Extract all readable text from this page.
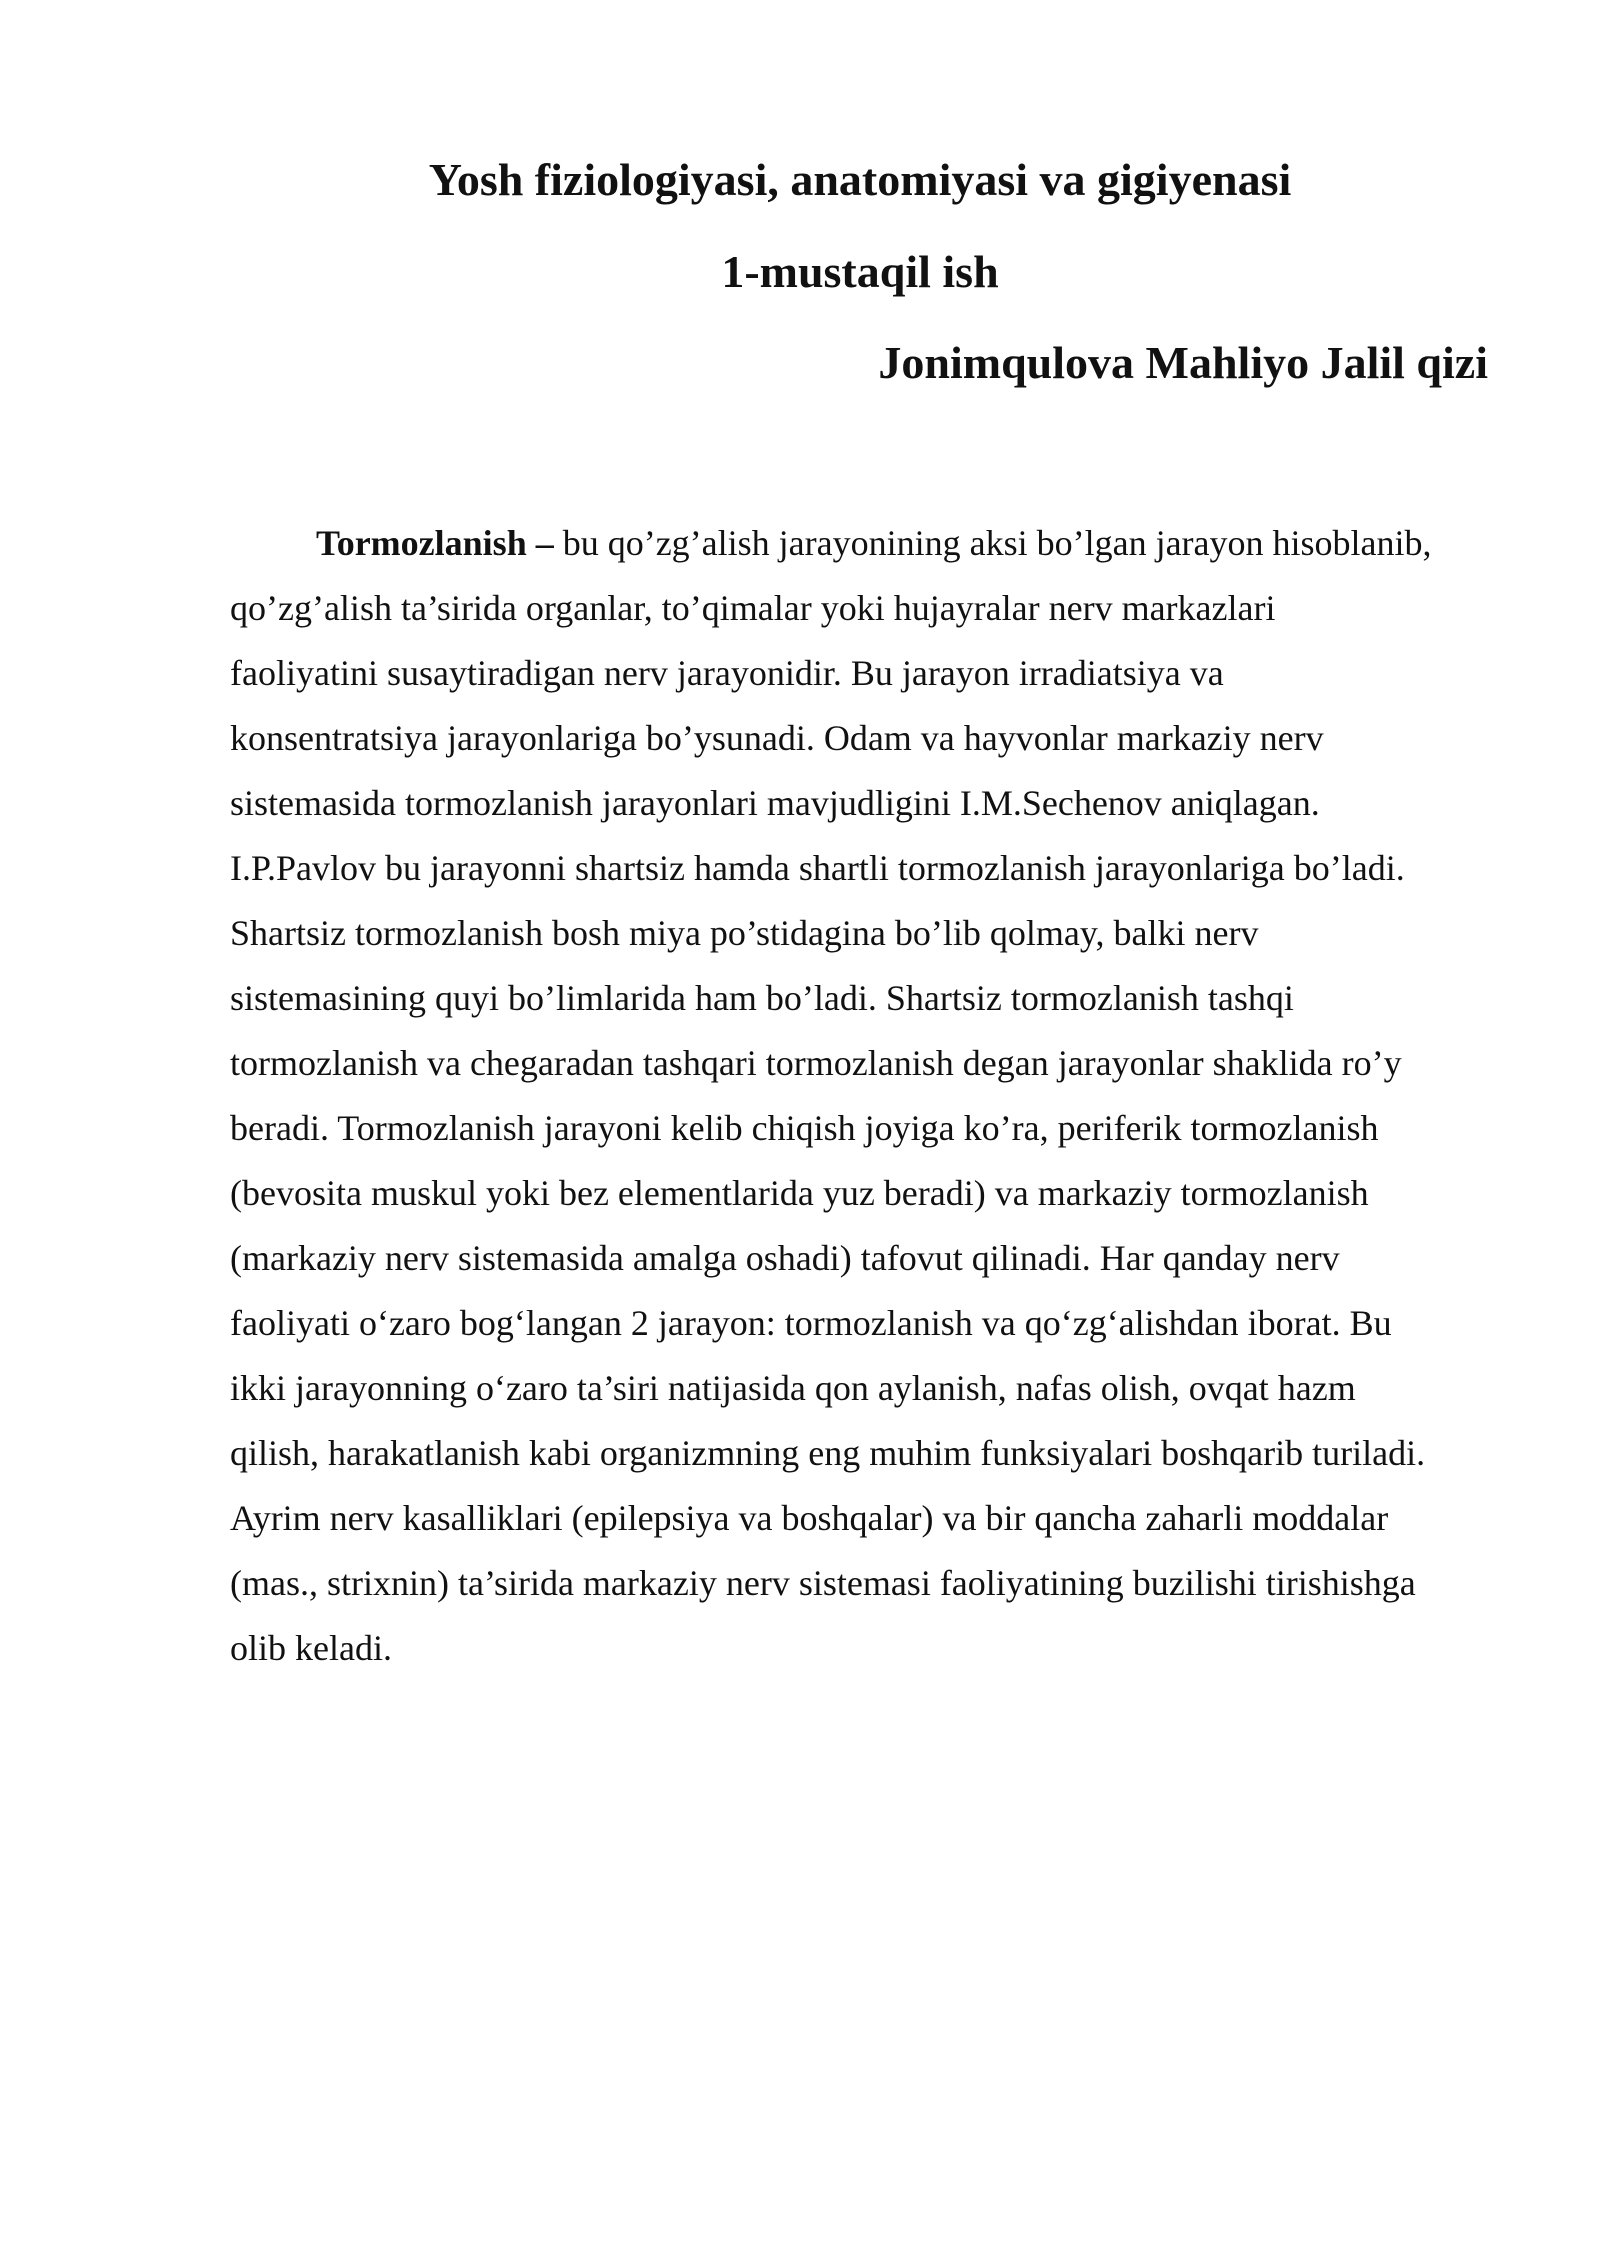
Yosh fiziologiyasi, anatomiyasi va gigiyenasi
1-mustaqil ish
Jonimqulova Mahliyo Jalil qizi

Tormozlanish – bu qo’zg’alish jarayonining aksi bo’lgan jarayon hisoblanib,
qo’zg’alish ta’sirida organlar, to’qimalar yoki hujayralar nerv markazlari
faoliyatini susaytiradigan nerv jarayonidir. Bu jarayon irradiatsiya va
konsentratsiya jarayonlariga bo’ysunadi. Odam va hayvonlar markaziy nerv
sistemasida tormozlanish jarayonlari mavjudligini I.M.Sechenov aniqlagan.
I.P.Pavlov bu jarayonni shartsiz hamda shartli tormozlanish jarayonlariga bo’ladi.
Shartsiz tormozlanish bosh miya po’stidagina bo’lib qolmay, balki nerv
sistemasining quyi bo’limlarida ham bo’ladi. Shartsiz tormozlanish tashqi
tormozlanish va chegaradan tashqari tormozlanish degan jarayonlar shaklida ro’y
beradi. Tormozlanish jarayoni kelib chiqish joyiga ko’ra, periferik tormozlanish
(bevosita muskul yoki bez elementlarida yuz beradi) va markaziy tormozlanish
(markaziy nerv sistemasida amalga oshadi) tafovut qilinadi. Har qanday nerv
faoliyati o‘zaro bog‘langan 2 jarayon: tormozlanish va qo‘zg‘alishdan iborat. Bu
ikki jarayonning o‘zaro ta’siri natijasida qon aylanish, nafas olish, ovqat hazm
qilish, harakatlanish kabi organizmning eng muhim funksiyalari boshqarib turiladi.
Ayrim nerv kasalliklari (epilepsiya va boshqalar) va bir qancha zaharli moddalar
(mas., strixnin) ta’sirida markaziy nerv sistemasi faoliyatining buzilishi tirishishga
olib keladi.
